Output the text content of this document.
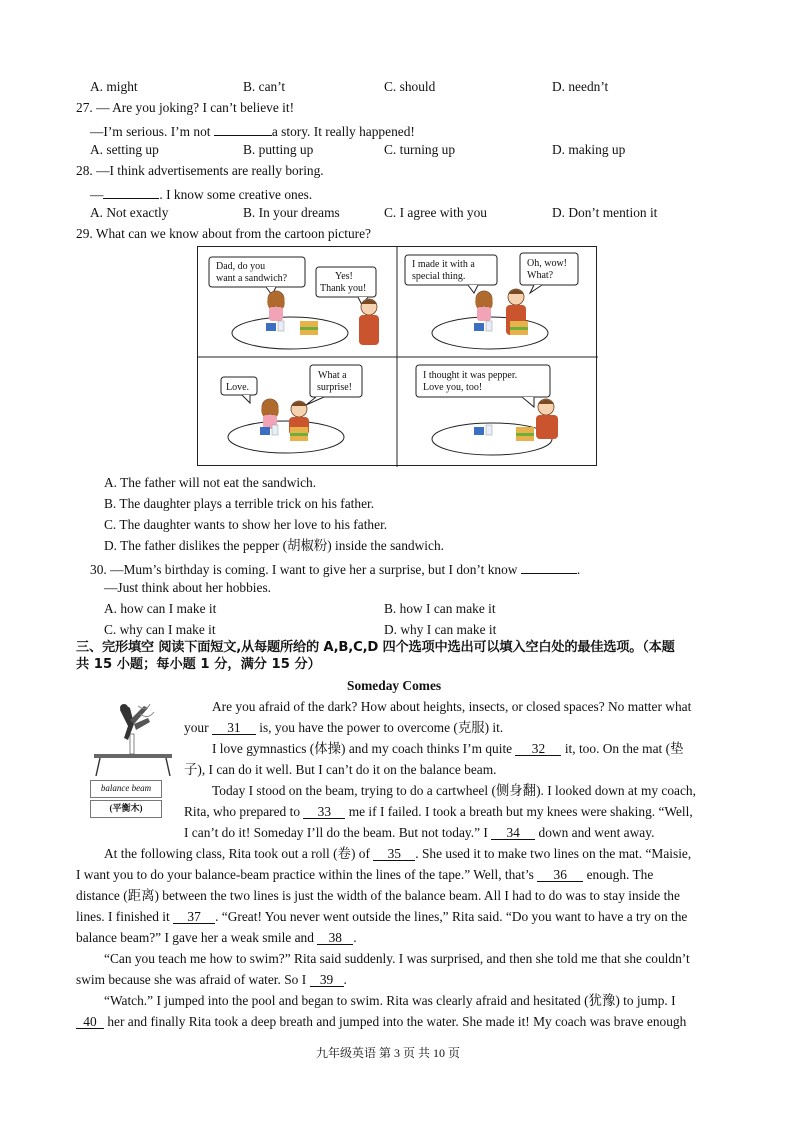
A. might	B. can’t	C. should	D. needn’t
27. — Are you joking? I can’t believe it!
—I’m serious. I’m not	a story. It really happened!
A. setting up	B. putting up	C. turning up	D. making up
28. —I think advertisements are really boring.
—	. I know some creative ones.
A. Not exactly	B. In your dreams	C. I agree with you	D. Don’t mention it
29. What can we know about from the cartoon picture?
Dad, do you
want a sandwich?	Yes!
Thank you!
I made it with a
special thing.
Oh, wow!
What?
Love.
What a
surprise!
I thought it was pepper.
Love you, too!
A. The father will not eat the sandwich.
B. The daughter plays a terrible trick on his father.
C. The daughter wants to show her love to his father.
D. The father dislikes the pepper (胡椒粉) inside the sandwich.
30. —Mum’s birthday is coming. I want to give her a surprise, but I don’t know	.
—Just think about her hobbies.
A. how can I make it	B. how I can make it
C. why can I make it	D. why I can make it
三、完形填空 阅读下面短文,从每题所给的 A,B,C,D 四个选项中选出可以填入空白处的最佳选项。（本题
共 15 小题；每小题 1 分，满分 15 分）
Someday Comes
balance beam
(平衡木)
Are you afraid of the dark? How about heights, insects, or closed spaces? No matter what
your 31 is, you have the power to overcome (克服) it.
I love gymnastics (体操) and my coach thinks I’m quite 32 it, too. On the mat (垫
子), I can do it well. But I can’t do it on the balance beam.
Today I stood on the beam, trying to do a cartwheel (侧身翻). I looked down at my coach,
Rita, who prepared to 33 me if I failed. I took a breath but my knees were shaking. “Well,
I can’t do it! Someday I’ll do the beam. But not today.” I 34 down and went away.
At the following class, Rita took out a roll (卷) of 35 . She used it to make two lines on the mat. “Maisie,
I want you to do your balance-beam practice within the lines of the tape.” Well, that’s 36 enough. The
distance (距离) between the two lines is just the width of the balance beam. All I had to do was to stay inside the
lines. I finished it 37 . “Great! You never went outside the lines,” Rita said. “Do you want to have a try on the
balance beam?” I gave her a weak smile and 38 .
“Can you teach me how to swim?” Rita said suddenly. I was surprised, and then she told me that she couldn’t
swim because she was afraid of water. So I 39 .
“Watch.” I jumped into the pool and began to swim. Rita was clearly afraid and hesitated (犹豫) to jump. I
40 her and finally Rita took a deep breath and jumped into the water. She made it! My coach was brave enough
九年级英语 第 3 页 共 10 页
